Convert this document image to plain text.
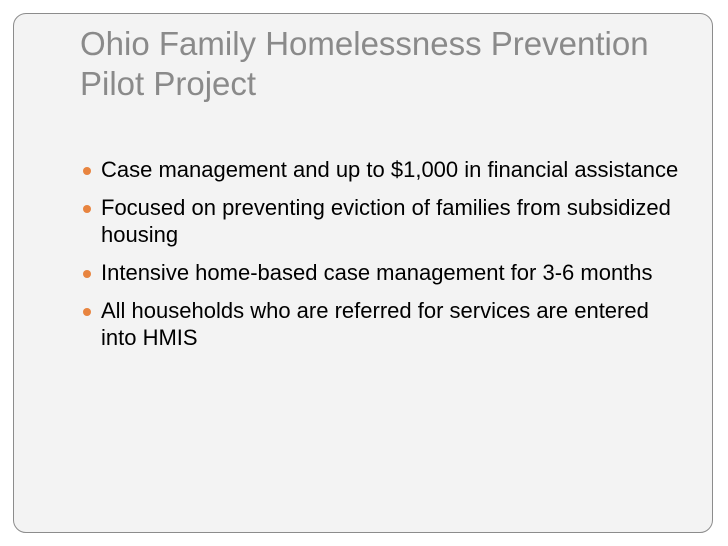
Ohio Family Homelessness Prevention Pilot Project
Case management and up to $1,000 in financial assistance
Focused on preventing eviction of families from subsidized housing
Intensive home-based case management for 3-6 months
All households who are referred for services are entered into HMIS
